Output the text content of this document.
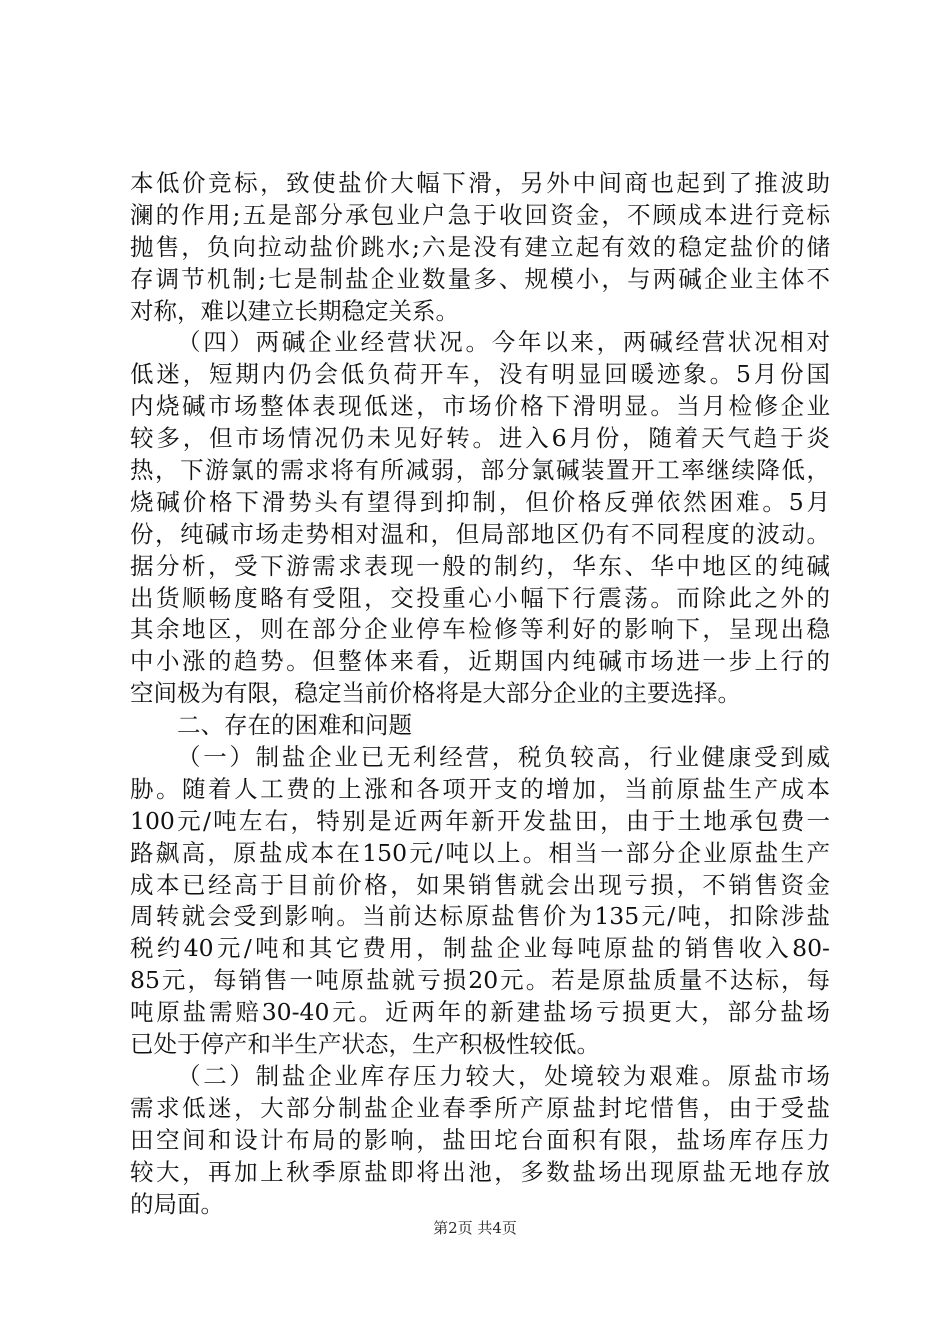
本低价竞标，致使盐价大幅下滑，另外中间商也起到了推波助
澜的作用;五是部分承包业户急于收回资金，不顾成本进行竞标
抛售，负向拉动盐价跳水;六是没有建立起有效的稳定盐价的储
存调节机制;七是制盐企业数量多、规模小，与两碱企业主体不
对称，难以建立长期稳定关系。
（四）两碱企业经营状况。今年以来，两碱经营状况相对
低迷，短期内仍会低负荷开车，没有明显回暖迹象。5月份国
内烧碱市场整体表现低迷，市场价格下滑明显。当月检修企业
较多，但市场情况仍未见好转。进入6月份，随着天气趋于炎
热，下游氯的需求将有所减弱，部分氯碱装置开工率继续降低，
烧碱价格下滑势头有望得到抑制，但价格反弹依然困难。5月
份，纯碱市场走势相对温和，但局部地区仍有不同程度的波动。
据分析，受下游需求表现一般的制约，华东、华中地区的纯碱
出货顺畅度略有受阻，交投重心小幅下行震荡。而除此之外的
其余地区，则在部分企业停车检修等利好的影响下，呈现出稳
中小涨的趋势。但整体来看，近期国内纯碱市场进一步上行的
空间极为有限，稳定当前价格将是大部分企业的主要选择。
二、存在的困难和问题
（一）制盐企业已无利经营，税负较高，行业健康受到威
胁。随着人工费的上涨和各项开支的增加，当前原盐生产成本
100元/吨左右，特别是近两年新开发盐田，由于土地承包费一
路飙高，原盐成本在150元/吨以上。相当一部分企业原盐生产
成本已经高于目前价格，如果销售就会出现亏损，不销售资金
周转就会受到影响。当前达标原盐售价为135元/吨，扣除涉盐
税约40元/吨和其它费用，制盐企业每吨原盐的销售收入80-
85元，每销售一吨原盐就亏损20元。若是原盐质量不达标，每
吨原盐需赔30-40元。近两年的新建盐场亏损更大，部分盐场
已处于停产和半生产状态，生产积极性较低。
（二）制盐企业库存压力较大，处境较为艰难。原盐市场
需求低迷，大部分制盐企业春季所产原盐封坨惜售，由于受盐
田空间和设计布局的影响，盐田坨台面积有限，盐场库存压力
较大，再加上秋季原盐即将出池，多数盐场出现原盐无地存放
的局面。
第2页 共4页
